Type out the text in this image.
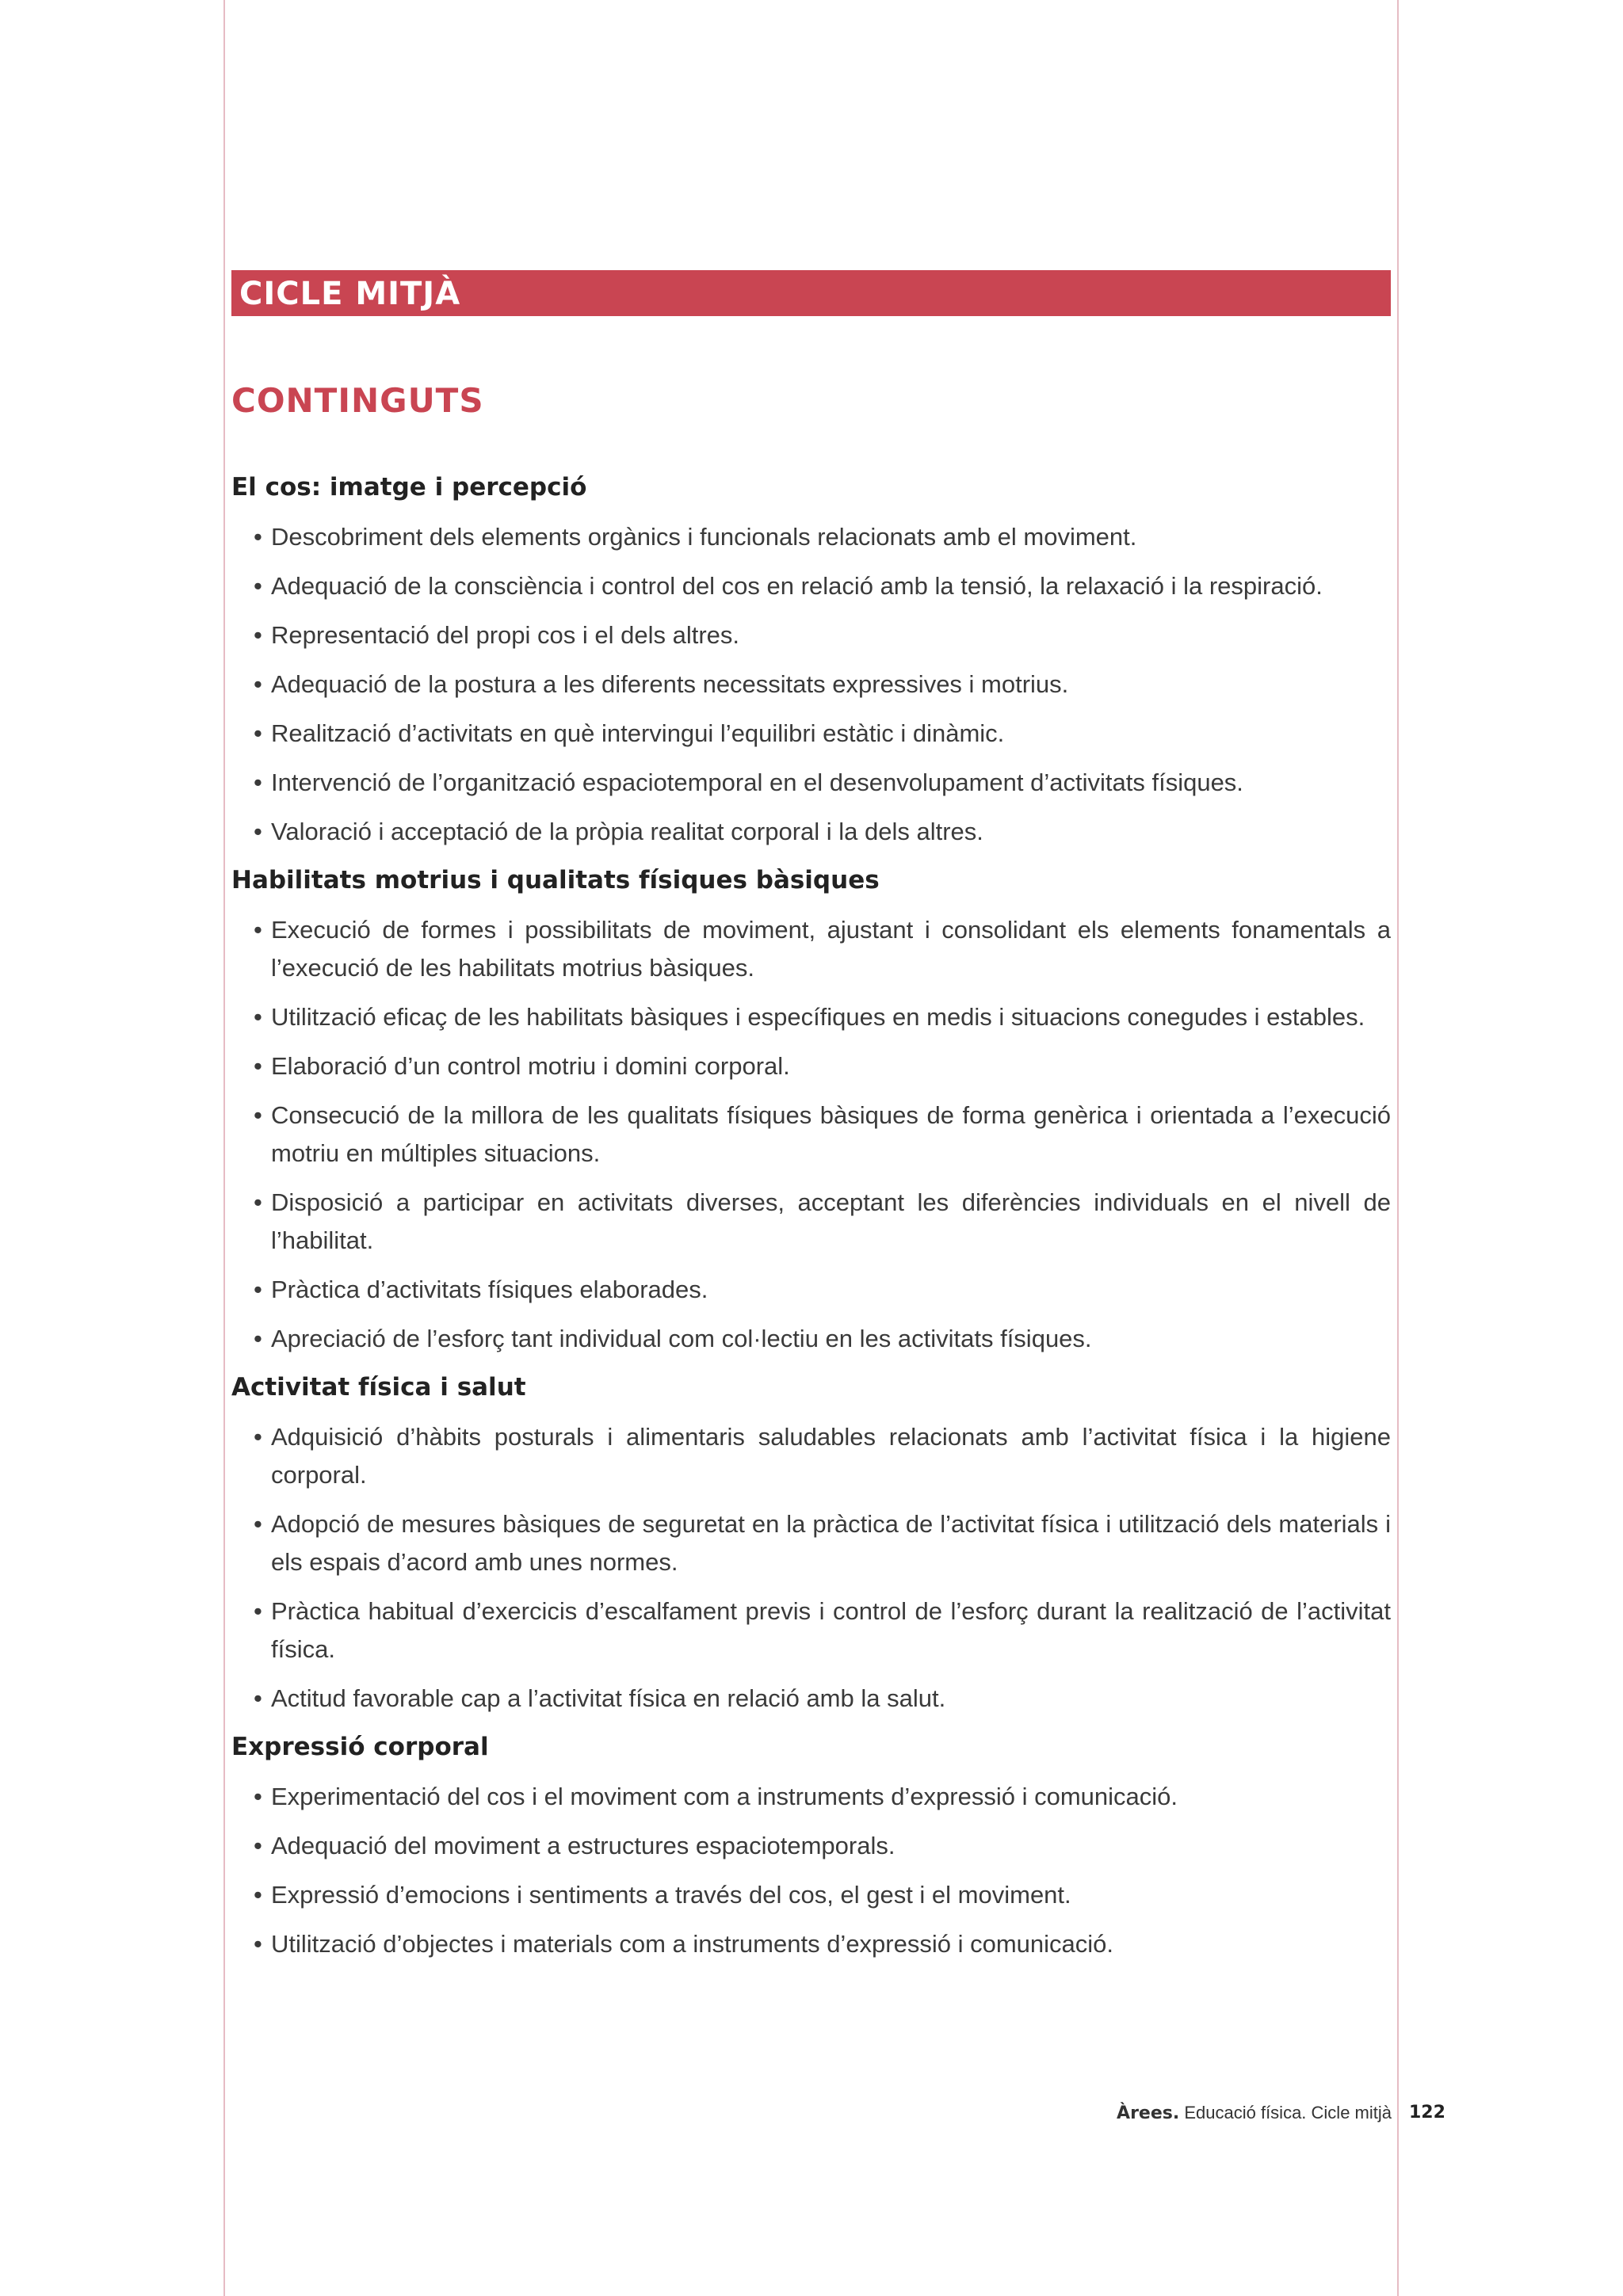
CICLE MITJÀ
CONTINGUTS
El cos: imatge i percepció
• Descobriment dels elements orgànics i funcionals relacionats amb el moviment.
• Adequació de la consciència i control del cos en relació amb la tensió, la relaxació i la respiració.
• Representació del propi cos i el dels altres.
• Adequació de la postura a les diferents necessitats expressives i motrius.
• Realització d’activitats en què intervingui l’equilibri estàtic i dinàmic.
• Intervenció de l’organització espaciotemporal en el desenvolupament d’activitats físiques.
• Valoració i acceptació de la pròpia realitat corporal i la dels altres.
Habilitats motrius i qualitats físiques bàsiques
• Execució de formes i possibilitats de moviment, ajustant i consolidant els elements fonamentals a l’execució de les habilitats motrius bàsiques.
• Utilització eficaç de les habilitats bàsiques i específiques en medis i situacions conegudes i estables.
• Elaboració d’un control motriu i domini corporal.
• Consecució de la millora de les qualitats físiques bàsiques de forma genèrica i orientada a l’execució motriu en múltiples situacions.
• Disposició a participar en activitats diverses, acceptant les diferències individuals en el nivell de l’habilitat.
• Pràctica d’activitats físiques elaborades.
• Apreciació de l’esforç tant individual com col·lectiu en les activitats físiques.
Activitat física i salut
• Adquisició d’hàbits posturals i alimentaris saludables relacionats amb l’activitat física i la higiene corporal.
• Adopció de mesures bàsiques de seguretat en la pràctica de l’activitat física i utilització dels materials i els espais d’acord amb unes normes.
• Pràctica habitual d’exercicis d’escalfament previs i control de l’esforç durant la realització de l’activitat física.
• Actitud favorable cap a l’activitat física en relació amb la salut.
Expressió corporal
• Experimentació del cos i el moviment com a instruments d’expressió i comunicació.
• Adequació del moviment a estructures espaciotemporals.
• Expressió d’emocions i sentiments a través del cos, el gest i el moviment.
• Utilització d’objectes i materials com a instruments d’expressió i comunicació.
Àrees. Educació física. Cicle mitjà 122
